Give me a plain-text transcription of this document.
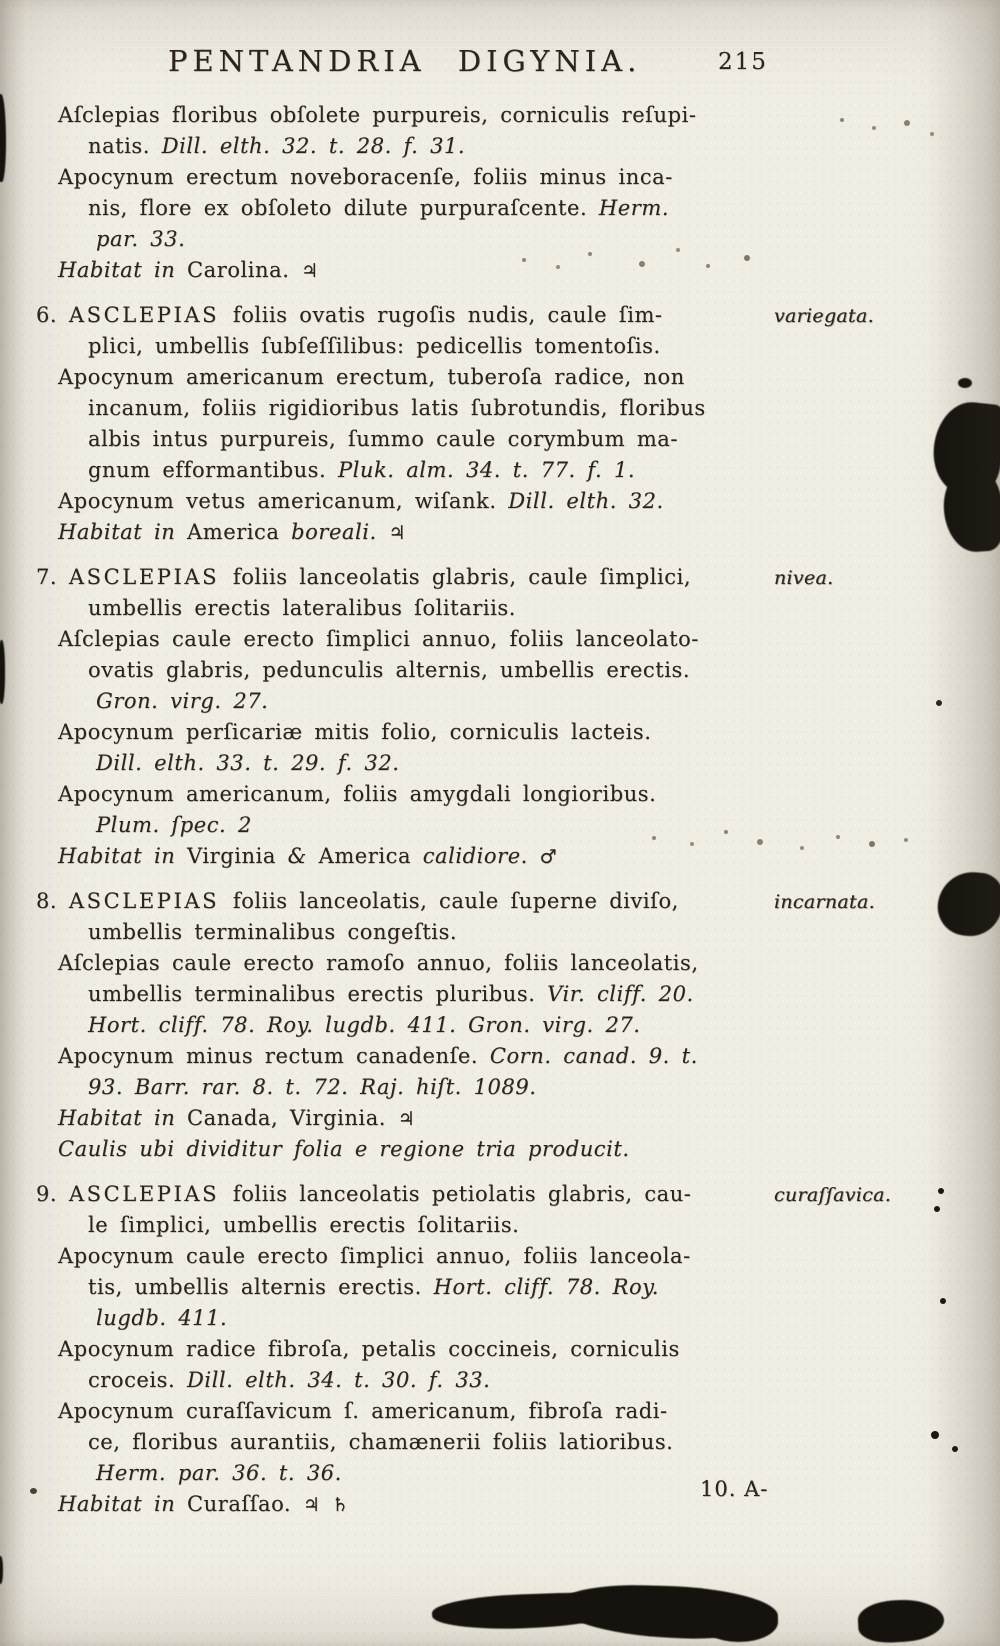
PENTANDRIA DIGYNIA.	215
Aſclepias floribus obſolete purpureis, corniculis reſupi-
natis. Dill. elth. 32. t. 28. f. 31.
Apocynum erectum noveboracenſe, foliis minus inca-
nis, flore ex obſoleto dilute purpuraſcente. Herm.
par. 33.
Habitat in Carolina. ♃
6. ASCLEPIAS foliis ovatis rugoſis nudis, caule ſim-	variegata.
plici, umbellis ſubſeſſilibus: pedicellis tomentoſis.
Apocynum americanum erectum, tuberoſa radice, non
incanum, foliis rigidioribus latis ſubrotundis, floribus
albis intus purpureis, ſummo caule corymbum ma-
gnum efformantibus. Pluk. alm. 34. t. 77. f. 1.
Apocynum vetus americanum, wiſank. Dill. elth. 32.
Habitat in America boreali. ♃
7. ASCLEPIAS foliis lanceolatis glabris, caule ſimplici,	nivea.
umbellis erectis lateralibus ſolitariis.
Aſclepias caule erecto ſimplici annuo, foliis lanceolato-
ovatis glabris, pedunculis alternis, umbellis erectis.
Gron. virg. 27.
Apocynum perſicariæ mitis folio, corniculis lacteis.
Dill. elth. 33. t. 29. f. 32.
Apocynum americanum, foliis amygdali longioribus.
Plum. ſpec. 2
Habitat in Virginia & America calidiore. ♂
8. ASCLEPIAS foliis lanceolatis, caule ſuperne diviſo,	incarnata.
umbellis terminalibus congeſtis.
Aſclepias caule erecto ramoſo annuo, foliis lanceolatis,
umbellis terminalibus erectis pluribus. Vir. cliff. 20.
Hort. cliff. 78. Roy. lugdb. 411. Gron. virg. 27.
Apocynum minus rectum canadenſe. Corn. canad. 9. t.
93. Barr. rar. 8. t. 72. Raj. hiſt. 1089.
Habitat in Canada, Virginia. ♃
Caulis ubi dividitur folia e regione tria producit.
9. ASCLEPIAS foliis lanceolatis petiolatis glabris, cau-	curaſſavica.
le ſimplici, umbellis erectis ſolitariis.
Apocynum caule erecto ſimplici annuo, foliis lanceola-
tis, umbellis alternis erectis. Hort. cliff. 78. Roy.
lugdb. 411.
Apocynum radice fibroſa, petalis coccineis, corniculis
croceis. Dill. elth. 34. t. 30. f. 33.
Apocynum curaſſavicum ſ. americanum, fibroſa radi-
ce, floribus aurantiis, chamænerii foliis latioribus.
Herm. par. 36. t. 36.
Habitat in Curaſſao. ♃ ♄
10. A-
